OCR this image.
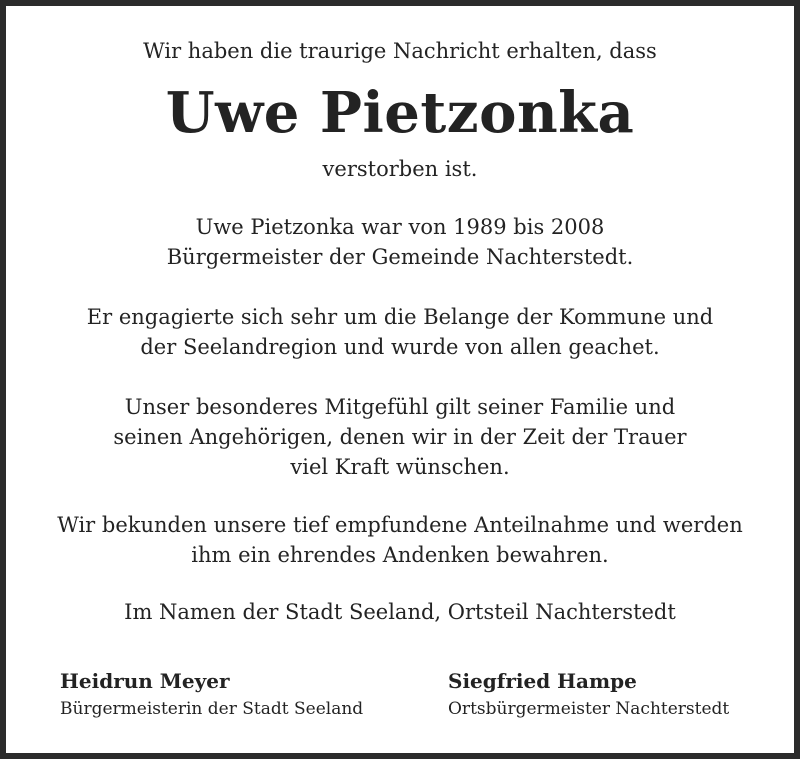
Wir haben die traurige Nachricht erhalten, dass
Uwe Pietzonka
verstorben ist.
Uwe Pietzonka war von 1989 bis 2008
Bürgermeister der Gemeinde Nachterstedt.
Er engagierte sich sehr um die Belange der Kommune und
der Seelandregion und wurde von allen geachet.
Unser besonderes Mitgefühl gilt seiner Familie und
seinen Angehörigen, denen wir in der Zeit der Trauer
viel Kraft wünschen.
Wir bekunden unsere tief empfundene Anteilnahme und werden
ihm ein ehrendes Andenken bewahren.
Im Namen der Stadt Seeland, Ortsteil Nachterstedt
Heidrun Meyer
Bürgermeisterin der Stadt Seeland
Siegfried Hampe
Ortsbürgermeister Nachterstedt
